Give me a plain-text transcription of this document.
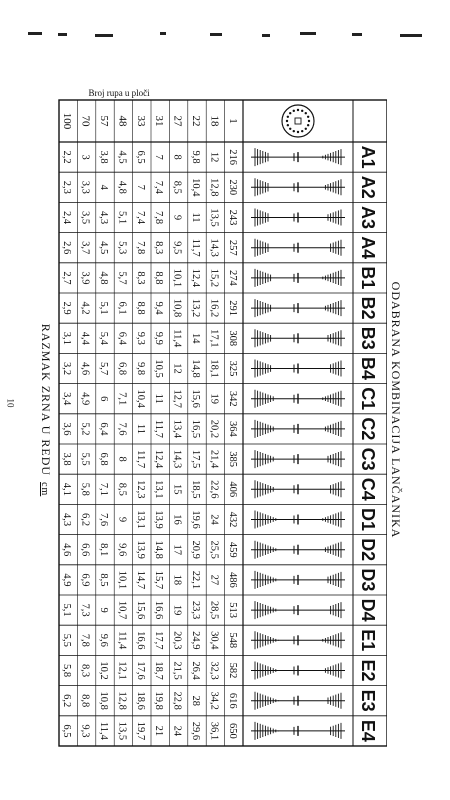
ODABRANA KOMBINACIJA LANČANIKA
A1
A2
A3
A4
B1
B2
B3
B4
C1
C2
C3
C4
D1
D2
D3
D4
E1
E2
E3
E4
Broj rupa u ploči
1
216
230
243
257
274
291
308
325
342
364
385
406
432
459
486
513
548
582
616
650
18
12
12,8
13,5
14,3
15,2
16,2
17,1
18,1
19
20,2
21,4
22,6
24
25,5
27
28,5
30,4
32,3
34,2
36,1
22
9,8
10,4
11
11,7
12,4
13,2
14
14,8
15,6
16,5
17,5
18,5
19,6
20,9
22,1
23,3
24,9
26,4
28
29,6
27
8
8,5
9
9,5
10,1
10,8
11,4
12
12,7
13,4
14,3
15
16
17
18
19
20,3
21,5
22,8
24
31
7
7,4
7,8
8,3
8,8
9,4
9,9
10,5
11
11,7
12,4
13,1
13,9
14,8
15,7
16,6
17,7
18,7
19,8
21
33
6,5
7
7,4
7,8
8,3
8,8
9,3
9,8
10,4
11
11,7
12,3
13,1
13,9
14,7
15,6
16,6
17,6
18,6
19,7
48
4,5
4,8
5,1
5,3
5,7
6,1
6,4
6,8
7,1
7,6
8
8,5
9
9,6
10,1
10,7
11,4
12,1
12,8
13,5
57
3,8
4
4,3
4,5
4,8
5,1
5,4
5,7
6
6,4
6,8
7,1
7,6
8,1
8,5
9
9,6
10,2
10,8
11,4
70
3
3,3
3,5
3,7
3,9
4,2
4,4
4,6
4,9
5,2
5,5
5,8
6,2
6,6
6,9
7,3
7,8
8,3
8,8
9,3
100
2,2
2,3
2,4
2,6
2,7
2,9
3,1
3,2
3,4
3,6
3,8
4,1
4,3
4,6
4,9
5,1
5,5
5,8
6,2
6,5
RAZMAK ZRNA U REDUcm
10
